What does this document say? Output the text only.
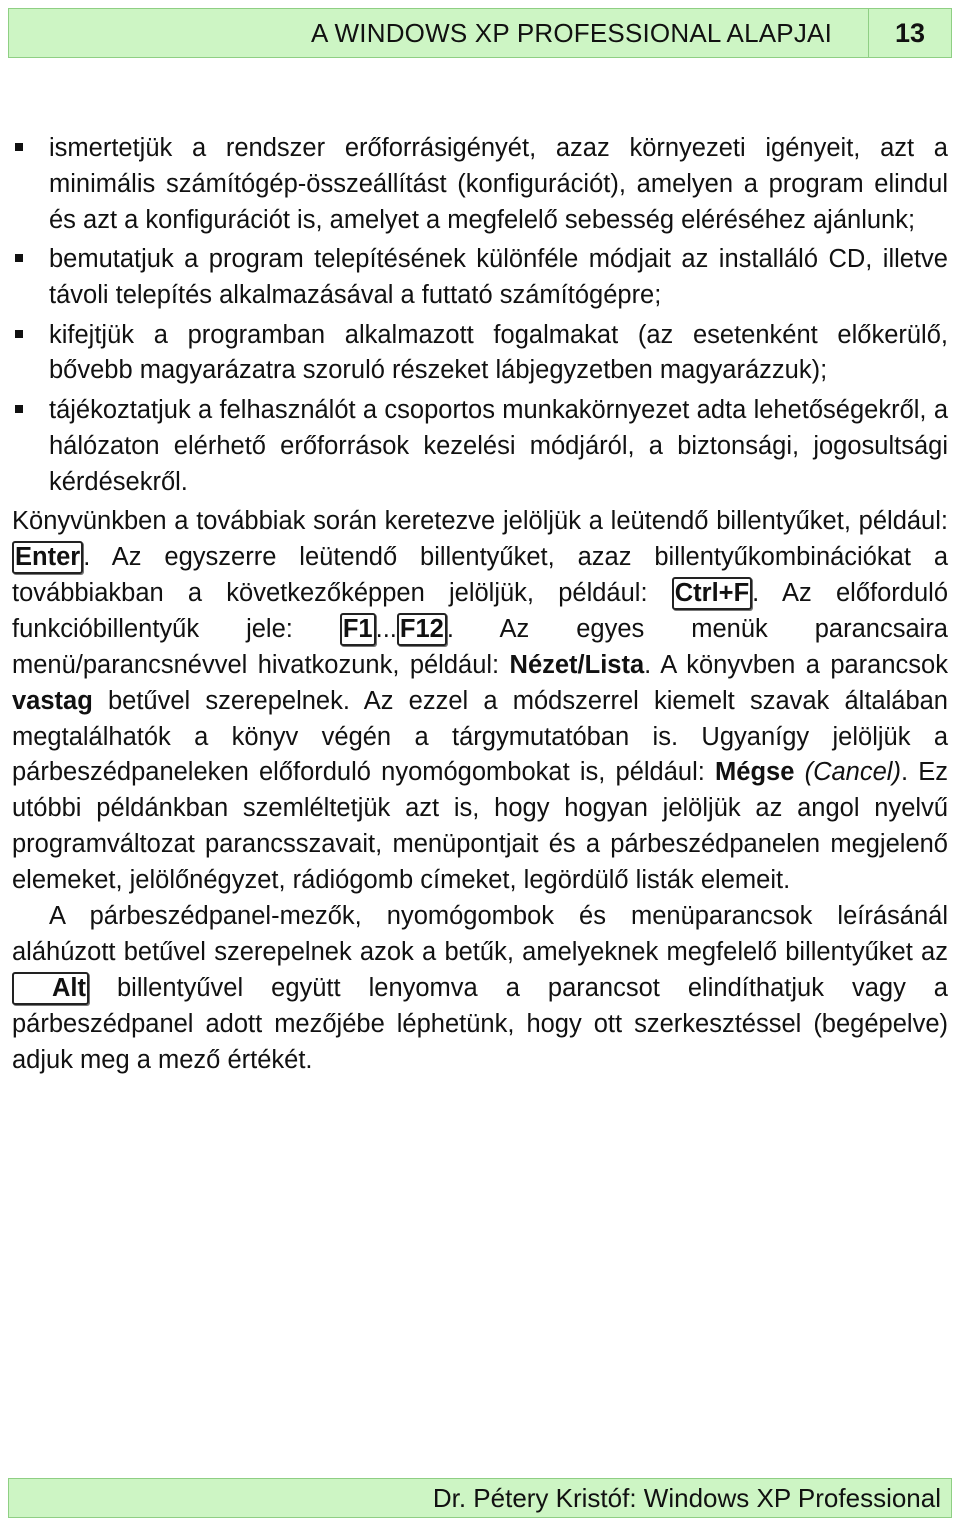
A WINDOWS XP PROFESSIONAL ALAPJAI	13
ismertetjük a rendszer erőforrásigényét, azaz környezeti igényeit, azt a minimális számítógép-összeállítást (konfigurációt), amelyen a program elindul és azt a konfigurációt is, amelyet a megfelelő sebesség eléréséhez ajánlunk;
bemutatjuk a program telepítésének különféle módjait az installáló CD, illetve távoli telepítés alkalmazásával a futtató számítógépre;
kifejtjük a programban alkalmazott fogalmakat (az esetenként előkerülő, bővebb magyarázatra szoruló részeket lábjegyzetben magyarázzuk);
tájékoztatjuk a felhasználót a csoportos munkakörnyezet adta lehetőségekről, a hálózaton elérhető erőforrások kezelési módjáról, a biztonsági, jogosultsági kérdésekről.

Könyvünkben a továbbiak során keretezve jelöljük a leütendő billentyűket, például: Enter . Az egyszerre leütendő billentyűket, azaz billentyűkombinációkat a továbbiakban a következőképpen jelöljük, például: Ctrl+F . Az előforduló funkcióbillentyűk jele: F1 ... F12 . Az egyes menük parancsaira menü/parancsnévvel hivatkozunk, például: Nézet/Lista. A könyvben a parancsok vastag betűvel szerepelnek. Az ezzel a módszerrel kiemelt szavak általában megtalálhatók a könyv végén a tárgymutatóban is. Ugyanígy jelöljük a párbeszédpaneleken előforduló nyomógombokat is, például: Mégse (Cancel). Ez utóbbi példánkban szemléltetjük azt is, hogy hogyan jelöljük az angol nyelvű programváltozat parancsszavait, menüpontjait és a párbeszédpanelen megjelenő elemeket, jelölőnégyzet, rádiógomb címeket, legördülő listák elemeit.

A párbeszédpanel-mezők, nyomógombok és menüparancsok leírásánál aláhúzott betűvel szerepelnek azok a betűk, amelyeknek megfelelő billentyűket az Alt billentyűvel együtt lenyomva a parancsot elindíthatjuk vagy a párbeszédpanel adott mezőjébe léphetünk, hogy ott szerkesztéssel (begépelve) adjuk meg a mező értékét.

Dr. Pétery Kristóf: Windows XP Professional
